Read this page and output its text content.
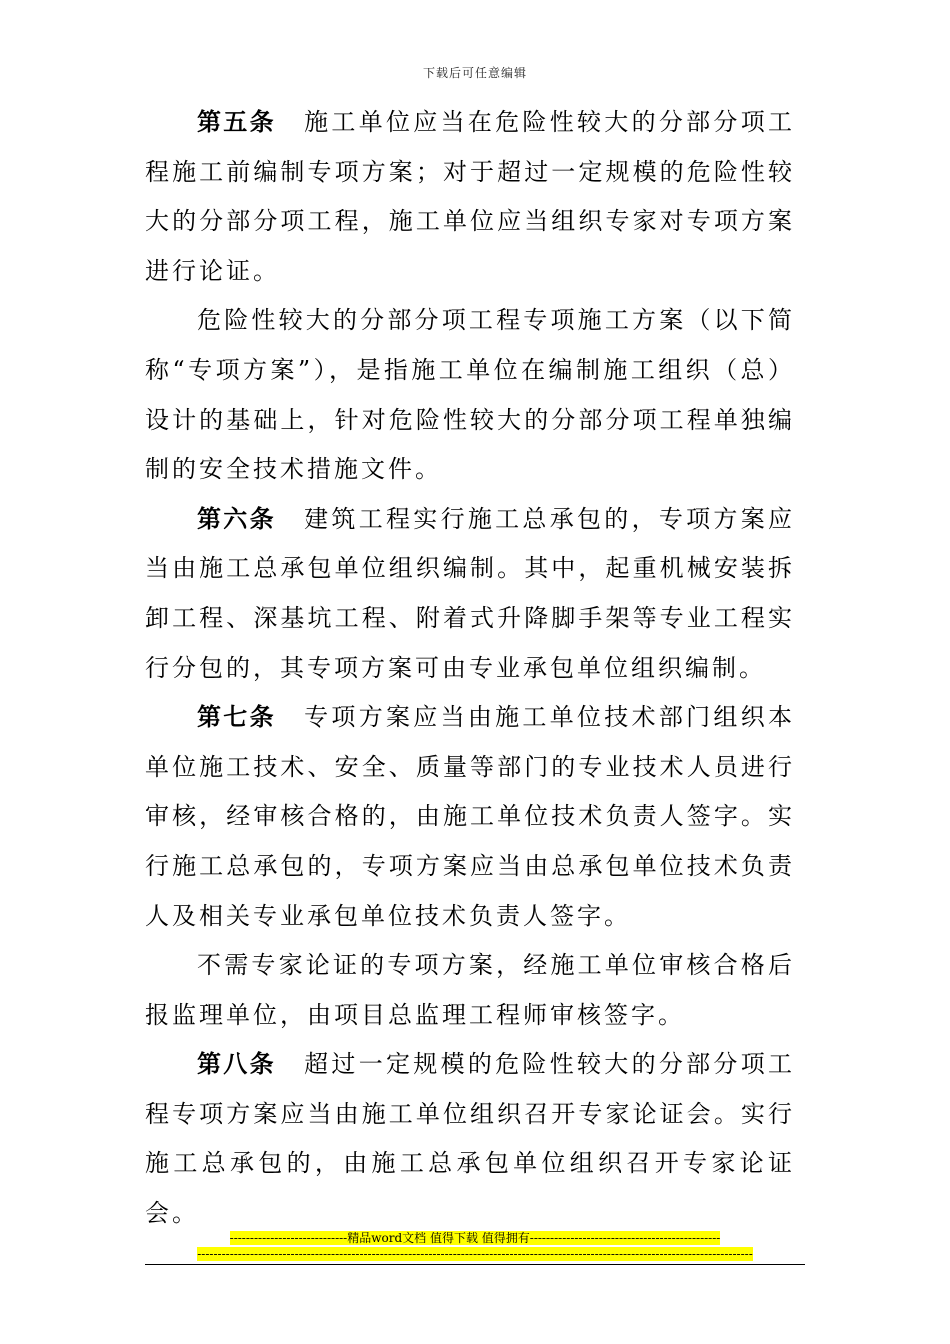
下载后可任意编辑

第五条 施工单位应当在危险性较大的分部分项工程施工前编制专项方案；对于超过一定规模的危险性较大的分部分项工程，施工单位应当组织专家对专项方案进行论证。

危险性较大的分部分项工程专项施工方案（以下简称“专项方案”），是指施工单位在编制施工组织（总）设计的基础上，针对危险性较大的分部分项工程单独编制的安全技术措施文件。

第六条 建筑工程实行施工总承包的，专项方案应当由施工总承包单位组织编制。其中，起重机械安装拆卸工程、深基坑工程、附着式升降脚手架等专业工程实行分包的，其专项方案可由专业承包单位组织编制。

第七条 专项方案应当由施工单位技术部门组织本单位施工技术、安全、质量等部门的专业技术人员进行审核，经审核合格的，由施工单位技术负责人签字。实行施工总承包的，专项方案应当由总承包单位技术负责人及相关专业承包单位技术负责人签字。

不需专家论证的专项方案，经施工单位审核合格后报监理单位，由项目总监理工程师审核签字。

第八条 超过一定规模的危险性较大的分部分项工程专项方案应当由施工单位组织召开专家论证会。实行施工总承包的，由施工总承包单位组织召开专家论证会。

-----------------------------精品word文档 值得下载 值得拥有-----------------------------------------------
-----------------------------------------------------------------------------------------------------------------------------------------
